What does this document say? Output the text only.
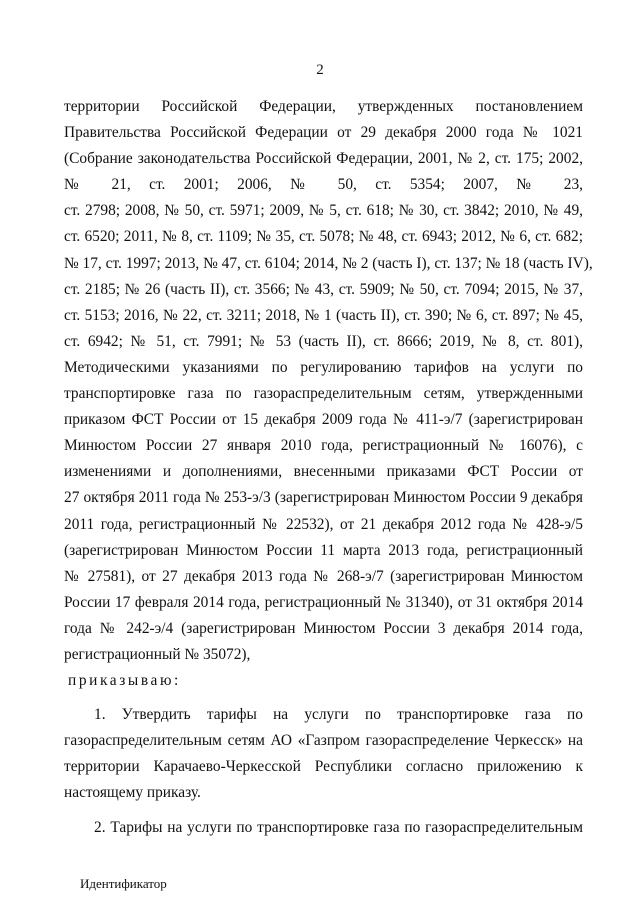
2
территории Российской Федерации, утвержденных постановлением
Правительства Российской Федерации от 29 декабря 2000 года № 1021
(Собрание законодательства Российской Федерации, 2001, № 2, ст. 175; 2002,
№ 21, ст. 2001; 2006, № 50, ст. 5354; 2007, № 23,
ст. 2798; 2008, № 50, ст. 5971; 2009, № 5, ст. 618; № 30, ст. 3842; 2010, № 49,
ст. 6520; 2011, № 8, ст. 1109; № 35, ст. 5078; № 48, ст. 6943; 2012, № 6, ст. 682;
№ 17, ст. 1997; 2013, № 47, ст. 6104; 2014, № 2 (часть I), ст. 137; № 18 (часть IV),
ст. 2185; № 26 (часть II), ст. 3566; № 43, ст. 5909; № 50, ст. 7094; 2015, № 37,
ст. 5153; 2016, № 22, ст. 3211; 2018, № 1 (часть II), ст. 390; № 6, ст. 897; № 45,
ст. 6942; № 51, ст. 7991; № 53 (часть II), ст. 8666; 2019, № 8, ст. 801),
Методическими указаниями по регулированию тарифов на услуги по
транспортировке газа по газораспределительным сетям, утвержденными
приказом ФСТ России от 15 декабря 2009 года № 411-э/7 (зарегистрирован
Минюстом России 27 января 2010 года, регистрационный № 16076), с
изменениями и дополнениями, внесенными приказами ФСТ России от
27 октября 2011 года № 253-э/3 (зарегистрирован Минюстом России 9 декабря
2011 года, регистрационный № 22532), от 21 декабря 2012 года № 428-э/5
(зарегистрирован Минюстом России 11 марта 2013 года, регистрационный
№ 27581), от 27 декабря 2013 года № 268-э/7 (зарегистрирован Минюстом
России 17 февраля 2014 года, регистрационный № 31340), от 31 октября 2014
года № 242-э/4 (зарегистрирован Минюстом России 3 декабря 2014 года,
регистрационный № 35072),
приказываю:
1. Утвердить тарифы на услуги по транспортировке газа по
газораспределительным сетям АО «Газпром газораспределение Черкесск» на
территории Карачаево-Черкесской Республики согласно приложению к
настоящему приказу.
2. Тарифы на услуги по транспортировке газа по газораспределительным
Идентификатор
